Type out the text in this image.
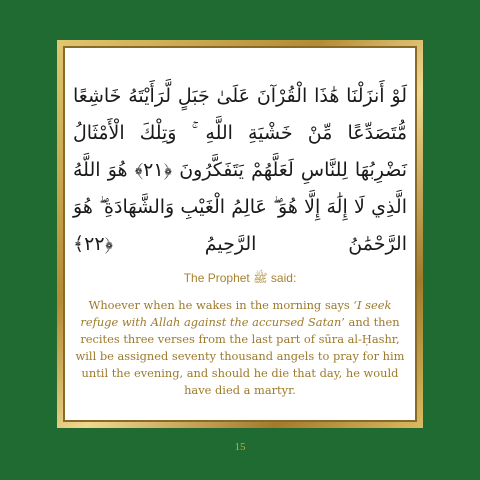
لَوْ أَنزَلْنَا هَٰذَا الْقُرْآنَ عَلَىٰ جَبَلٍ لَّرَأَيْتَهُ خَاشِعًا مُّتَصَدِّعًا مِّنْ خَشْيَةِ اللَّهِ ۚ وَتِلْكَ الْأَمْثَالُ نَضْرِبُهَا لِلنَّاسِ لَعَلَّهُمْ يَتَفَكَّرُونَ ﴿٢١﴾ هُوَ اللَّهُ الَّذِي لَا إِلَٰهَ إِلَّا هُوَ ۖ عَالِمُ الْغَيْبِ وَالشَّهَادَةِ ۖ هُوَ الرَّحْمَٰنُ الرَّحِيمُ ﴿٢٢﴾

The Prophet ﷺ said:

Whoever when he wakes in the morning says ‘I seek refuge with Allah against the accursed Satan’ and then recites three verses from the last part of sūra al-Ḥashr, will be assigned seventy thousand angels to pray for him until the evening, and should he die that day, he would have died a martyr.

15
